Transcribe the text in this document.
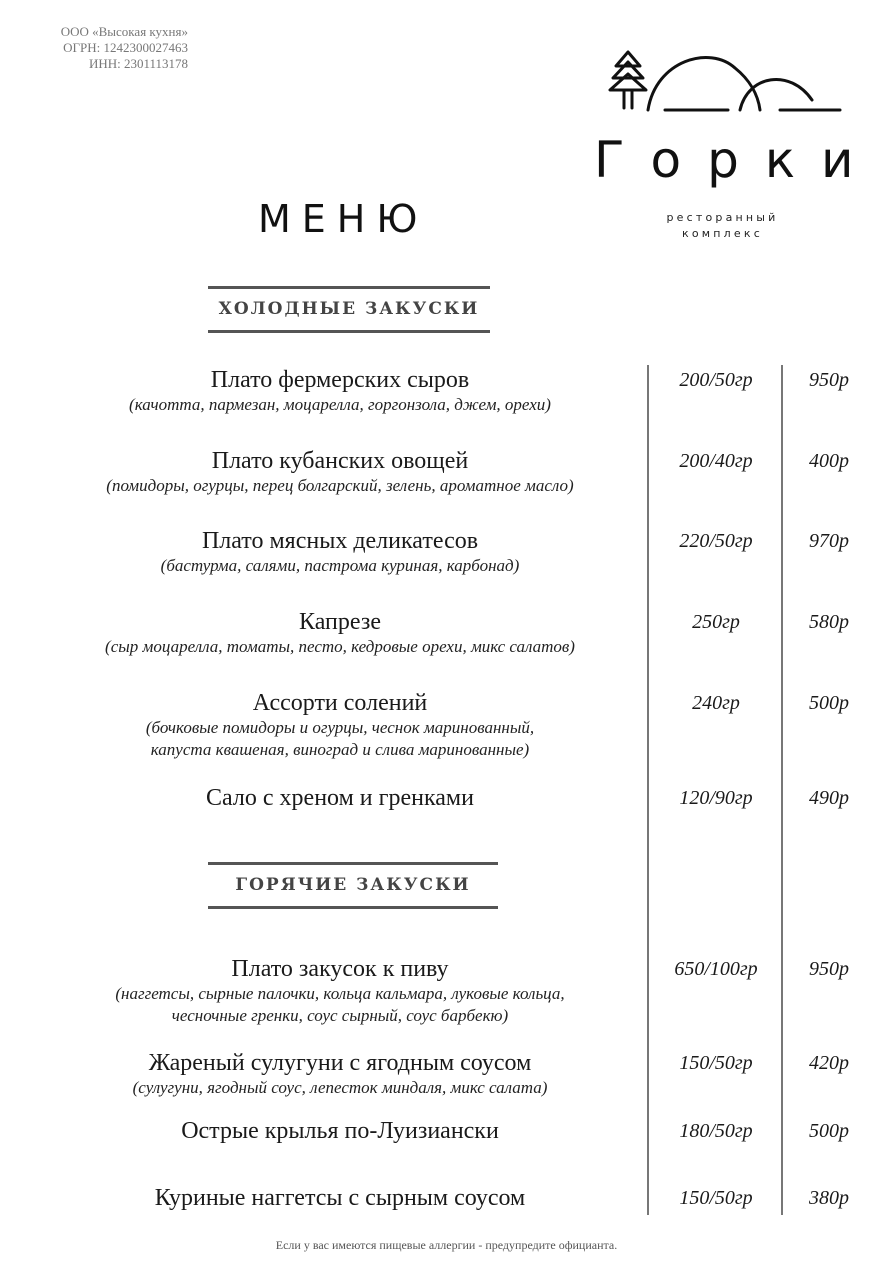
ООО «Высокая кухня»
ОГРН: 1242300027463
ИНН: 2301113178
Горки
ресторанный
комплекс
МЕНЮ
ХОЛОДНЫЕ ЗАКУСКИ
ГОРЯЧИЕ ЗАКУСКИ
Плато фермерских сыров
(качотта, пармезан, моцарелла, горгонзола, джем, орехи)
200/50гр	950р
Плато кубанских овощей
(помидоры, огурцы, перец болгарский, зелень, ароматное масло)
200/40гр	400р
Плато мясных деликатесов
(бастурма, салями, пастрома куриная, карбонад)
220/50гр	970р
Капрезе
(сыр моцарелла, томаты, песто, кедровые орехи, микс салатов)
250гр	580р
Ассорти солений
(бочковые помидоры и огурцы, чеснок маринованный,
капуста квашеная, виноград и слива маринованные)
240гр	500р
Сало с хреном и гренками	120/90гр	490р
Плато закусок к пиву
(наггетсы, сырные палочки, кольца кальмара, луковые кольца,
чесночные гренки, соус сырный, соус барбекю)
650/100гр	950р
Жареный сулугуни с ягодным соусом
(сулугуни, ягодный соус, лепесток миндаля, микс салата)
150/50гр	420р
Острые крылья по-Луизиански	180/50гр	500р
Куриные наггетсы с сырным соусом	150/50гр	380р
Если у вас имеются пищевые аллергии - предупредите официанта.
